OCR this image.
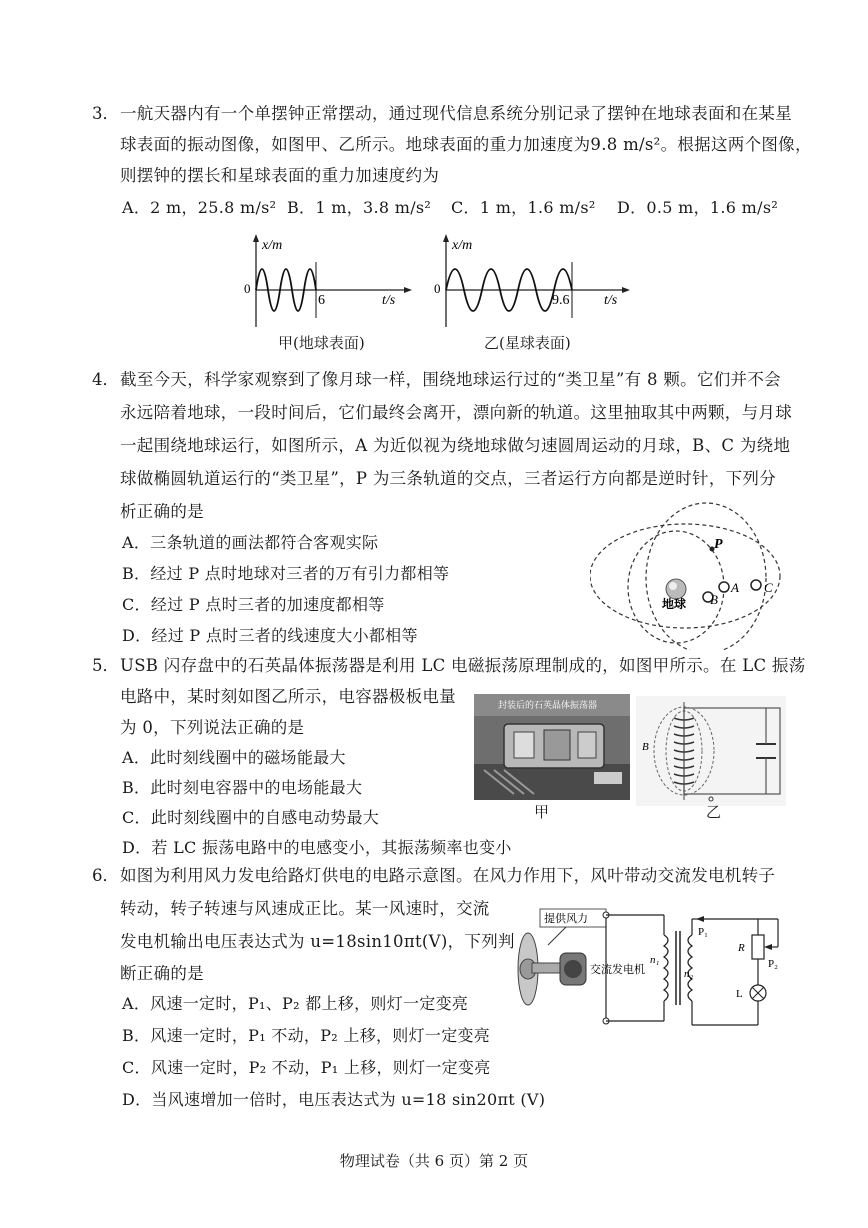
3． 一航天器内有一个单摆钟正常摆动，通过现代信息系统分别记录了摆钟在地球表面和在某星
球表面的振动图像，如图甲、乙所示。地球表面的重力加速度为9.8 m/s²。根据这两个图像，
则摆钟的摆长和星球表面的重力加速度约为
A．2 m，25.8 m/s² B．1 m，3.8 m/s² C．1 m，1.6 m/s² D．0.5 m，1.6 m/s²
x/m
0
6	t/s
甲(地球表面)
x/m
0
9.6 t/s
乙(星球表面)
4． 截至今天，科学家观察到了像月球一样，围绕地球运行过的“类卫星”有 8 颗。它们并不会
永远陪着地球，一段时间后，它们最终会离开，漂向新的轨道。这里抽取其中两颗，与月球
一起围绕地球运行，如图所示，A 为近似视为绕地球做匀速圆周运动的月球，B、C 为绕地
球做椭圆轨道运行的“类卫星”，P 为三条轨道的交点，三者运行方向都是逆时针，下列分
析正确的是
A．三条轨道的画法都符合客观实际
B．经过 P 点时地球对三者的万有引力都相等
C．经过 P 点时三者的加速度都相等
D．经过 P 点时三者的线速度大小都相等
P
A
B
C
地球
5． USB 闪存盘中的石英晶体振荡器是利用 LC 电磁振荡原理制成的，如图甲所示。在 LC 振荡
电路中，某时刻如图乙所示，电容器极板电量
为 0，下列说法正确的是
A．此时刻线圈中的磁场能最大
B．此时刻电容器中的电场能最大
C．此时刻线圈中的自感电动势最大
D．若 LC 振荡电路中的电感变小，其振荡频率也变小
封装后的石英晶体振荡器
甲
B
乙
6． 如图为利用风力发电给路灯供电的电路示意图。在风力作用下，风叶带动交流发电机转子
转动，转子转速与风速成正比。某一风速时，交流
发电机输出电压表达式为 u=18sin10πt(V)，下列判
断正确的是
A．风速一定时，P₁、P₂ 都上移，则灯一定变亮
B．风速一定时，P₁ 不动，P₂ 上移，则灯一定变亮
C．风速一定时，P₂ 不动，P₁ 上移，则灯一定变亮
D．当风速增加一倍时，电压表达式为 u=18 sin20πt (V)
提供风力
交流发电机
n₁
n₂
P₁
R
P₂
L
物理试卷（共 6 页）第 2 页
